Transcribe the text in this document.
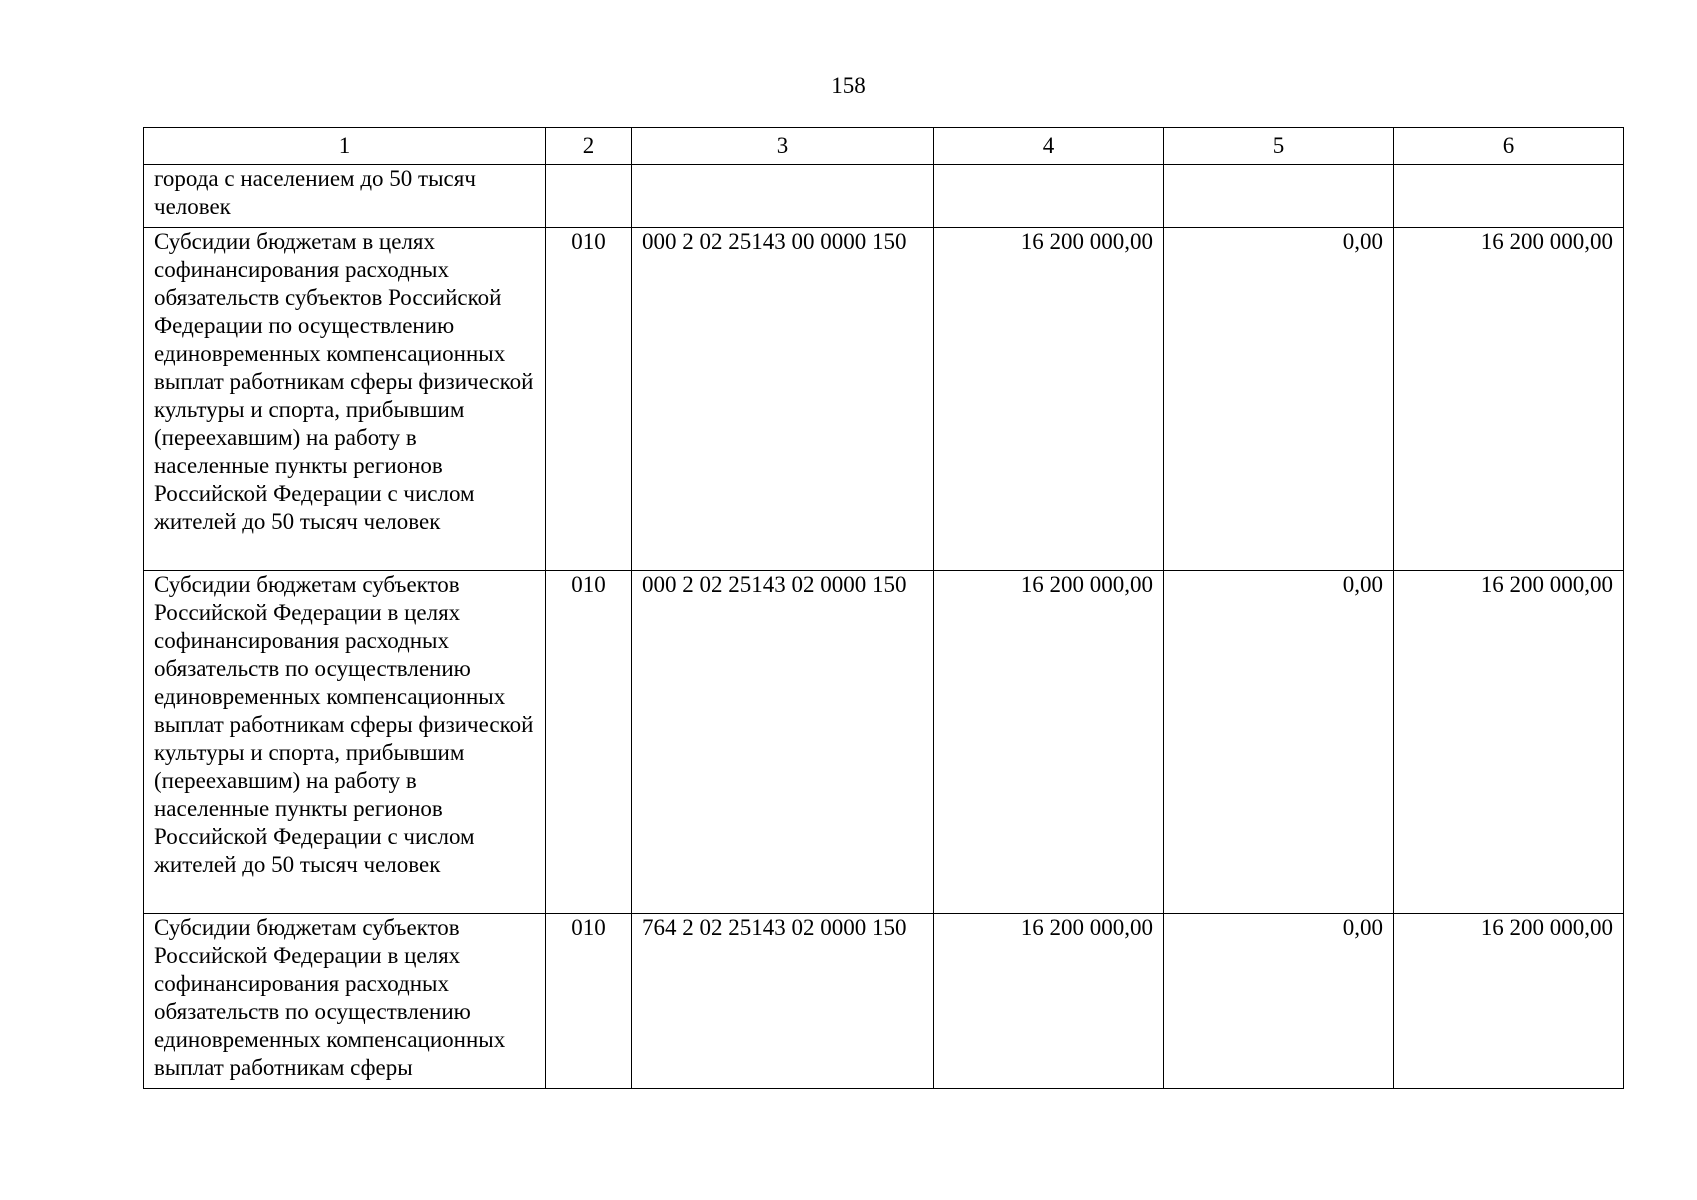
158
1	2	3	4	5	6
города с населением до 50 тысяч человек					
Субсидии бюджетам в целях софинансирования расходных обязательств субъектов Российской Федерации по осуществлению единовременных компенсационных выплат работникам сферы физической культуры и спорта, прибывшим (переехавшим) на работу в населенные пункты регионов Российской Федерации с числом жителей до 50 тысяч человек	010	000 2 02 25143 00 0000 150	16 200 000,00	0,00	16 200 000,00
Субсидии бюджетам субъектов Российской Федерации в целях софинансирования расходных обязательств по осуществлению единовременных компенсационных выплат работникам сферы физической культуры и спорта, прибывшим (переехавшим) на работу в населенные пункты регионов Российской Федерации с числом жителей до 50 тысяч человек	010	000 2 02 25143 02 0000 150	16 200 000,00	0,00	16 200 000,00
Субсидии бюджетам субъектов Российской Федерации в целях софинансирования расходных обязательств по осуществлению единовременных компенсационных выплат работникам сферы	010	764 2 02 25143 02 0000 150	16 200 000,00	0,00	16 200 000,00
